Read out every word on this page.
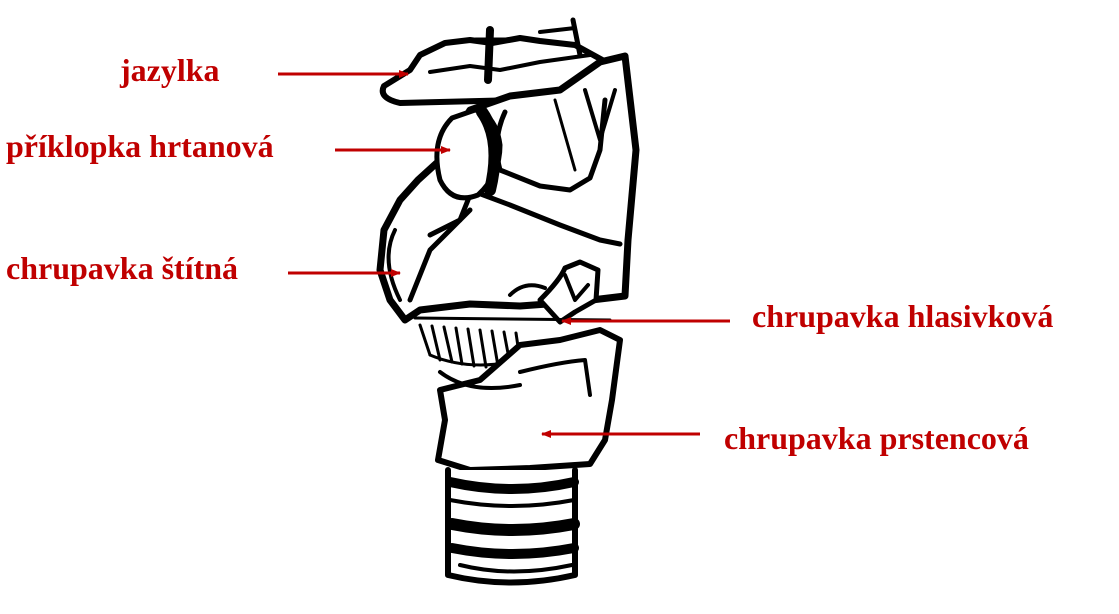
jazylka
příklopka hrtanová
chrupavka štítná
chrupavka hlasivková
chrupavka prstencová
